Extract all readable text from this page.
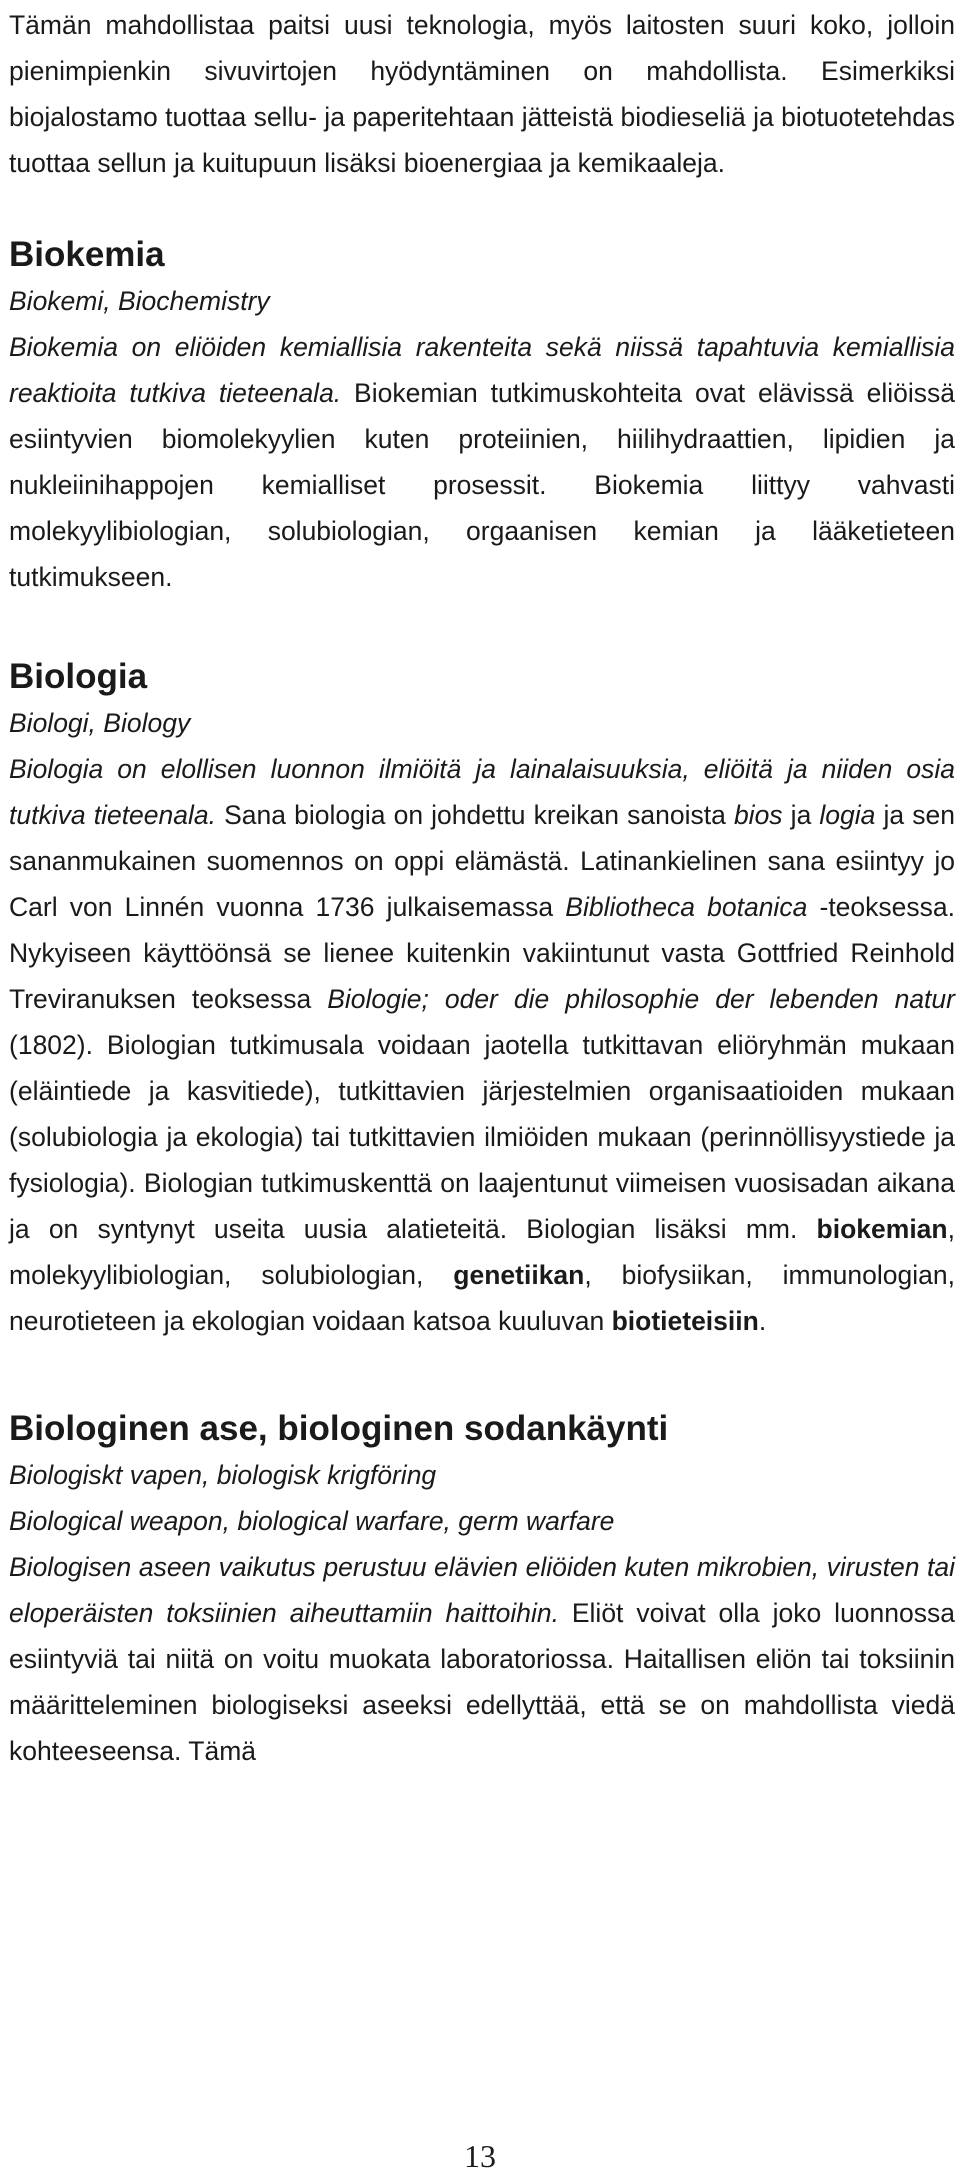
Tämän mahdollistaa paitsi uusi teknologia, myös laitosten suuri koko, jolloin pienimpienkin sivuvirtojen hyödyntäminen on mahdollista. Esimerkiksi biojalostamo tuottaa sellu- ja paperitehtaan jätteistä biodieseliä ja biotuotetehdas tuottaa sellun ja kuitupuun lisäksi bioenergiaa ja kemikaaleja.

Biokemia

Biokemi, Biochemistry

Biokemia on eliöiden kemiallisia rakenteita sekä niissä tapahtuvia kemiallisia reaktioita tutkiva tieteenala. Biokemian tutkimuskohteita ovat elävissä eliöissä esiintyvien biomolekyylien kuten proteiinien, hiilihydraattien, lipidien ja nukleiinihappojen kemialliset prosessit. Biokemia liittyy vahvasti molekyylibiologian, solubiologian, orgaanisen kemian ja lääketieteen tutkimukseen.

Biologia

Biologi, Biology

Biologia on elollisen luonnon ilmiöitä ja lainalaisuuksia, eliöitä ja niiden osia tutkiva tieteenala. Sana biologia on johdettu kreikan sanoista bios ja logia ja sen sananmukainen suomennos on oppi elämästä. Latinankielinen sana esiintyy jo Carl von Linnén vuonna 1736 julkaisemassa Bibliotheca botanica -teoksessa. Nykyiseen käyttöönsä se lienee kuitenkin vakiintunut vasta Gottfried Reinhold Treviranuksen teoksessa Biologie; oder die philosophie der lebenden natur (1802). Biologian tutkimusala voidaan jaotella tutkittavan eliöryhmän mukaan (eläintiede ja kasvitiede), tutkittavien järjestelmien organisaatioiden mukaan (solubiologia ja ekologia) tai tutkittavien ilmiöiden mukaan (perinnöllisyystiede ja fysiologia). Biologian tutkimuskenttä on laajentunut viimeisen vuosisadan aikana ja on syntynyt useita uusia alatieteitä. Biologian lisäksi mm. biokemian, molekyylibiologian, solubiologian, genetiikan, biofysiikan, immunologian, neurotieteen ja ekologian voidaan katsoa kuuluvan biotieteisiin.

Biologinen ase, biologinen sodankäynti

Biologiskt vapen, biologisk krigföring

Biological weapon, biological warfare, germ warfare

Biologisen aseen vaikutus perustuu elävien eliöiden kuten mikrobien, virusten tai eloperäisten toksiinien aiheuttamiin haittoihin. Eliöt voivat olla joko luonnossa esiintyviä tai niitä on voitu muokata laboratoriossa. Haitallisen eliön tai toksiinin määritteleminen biologiseksi aseeksi edellyttää, että se on mahdollista viedä kohteeseensa. Tämä

13
